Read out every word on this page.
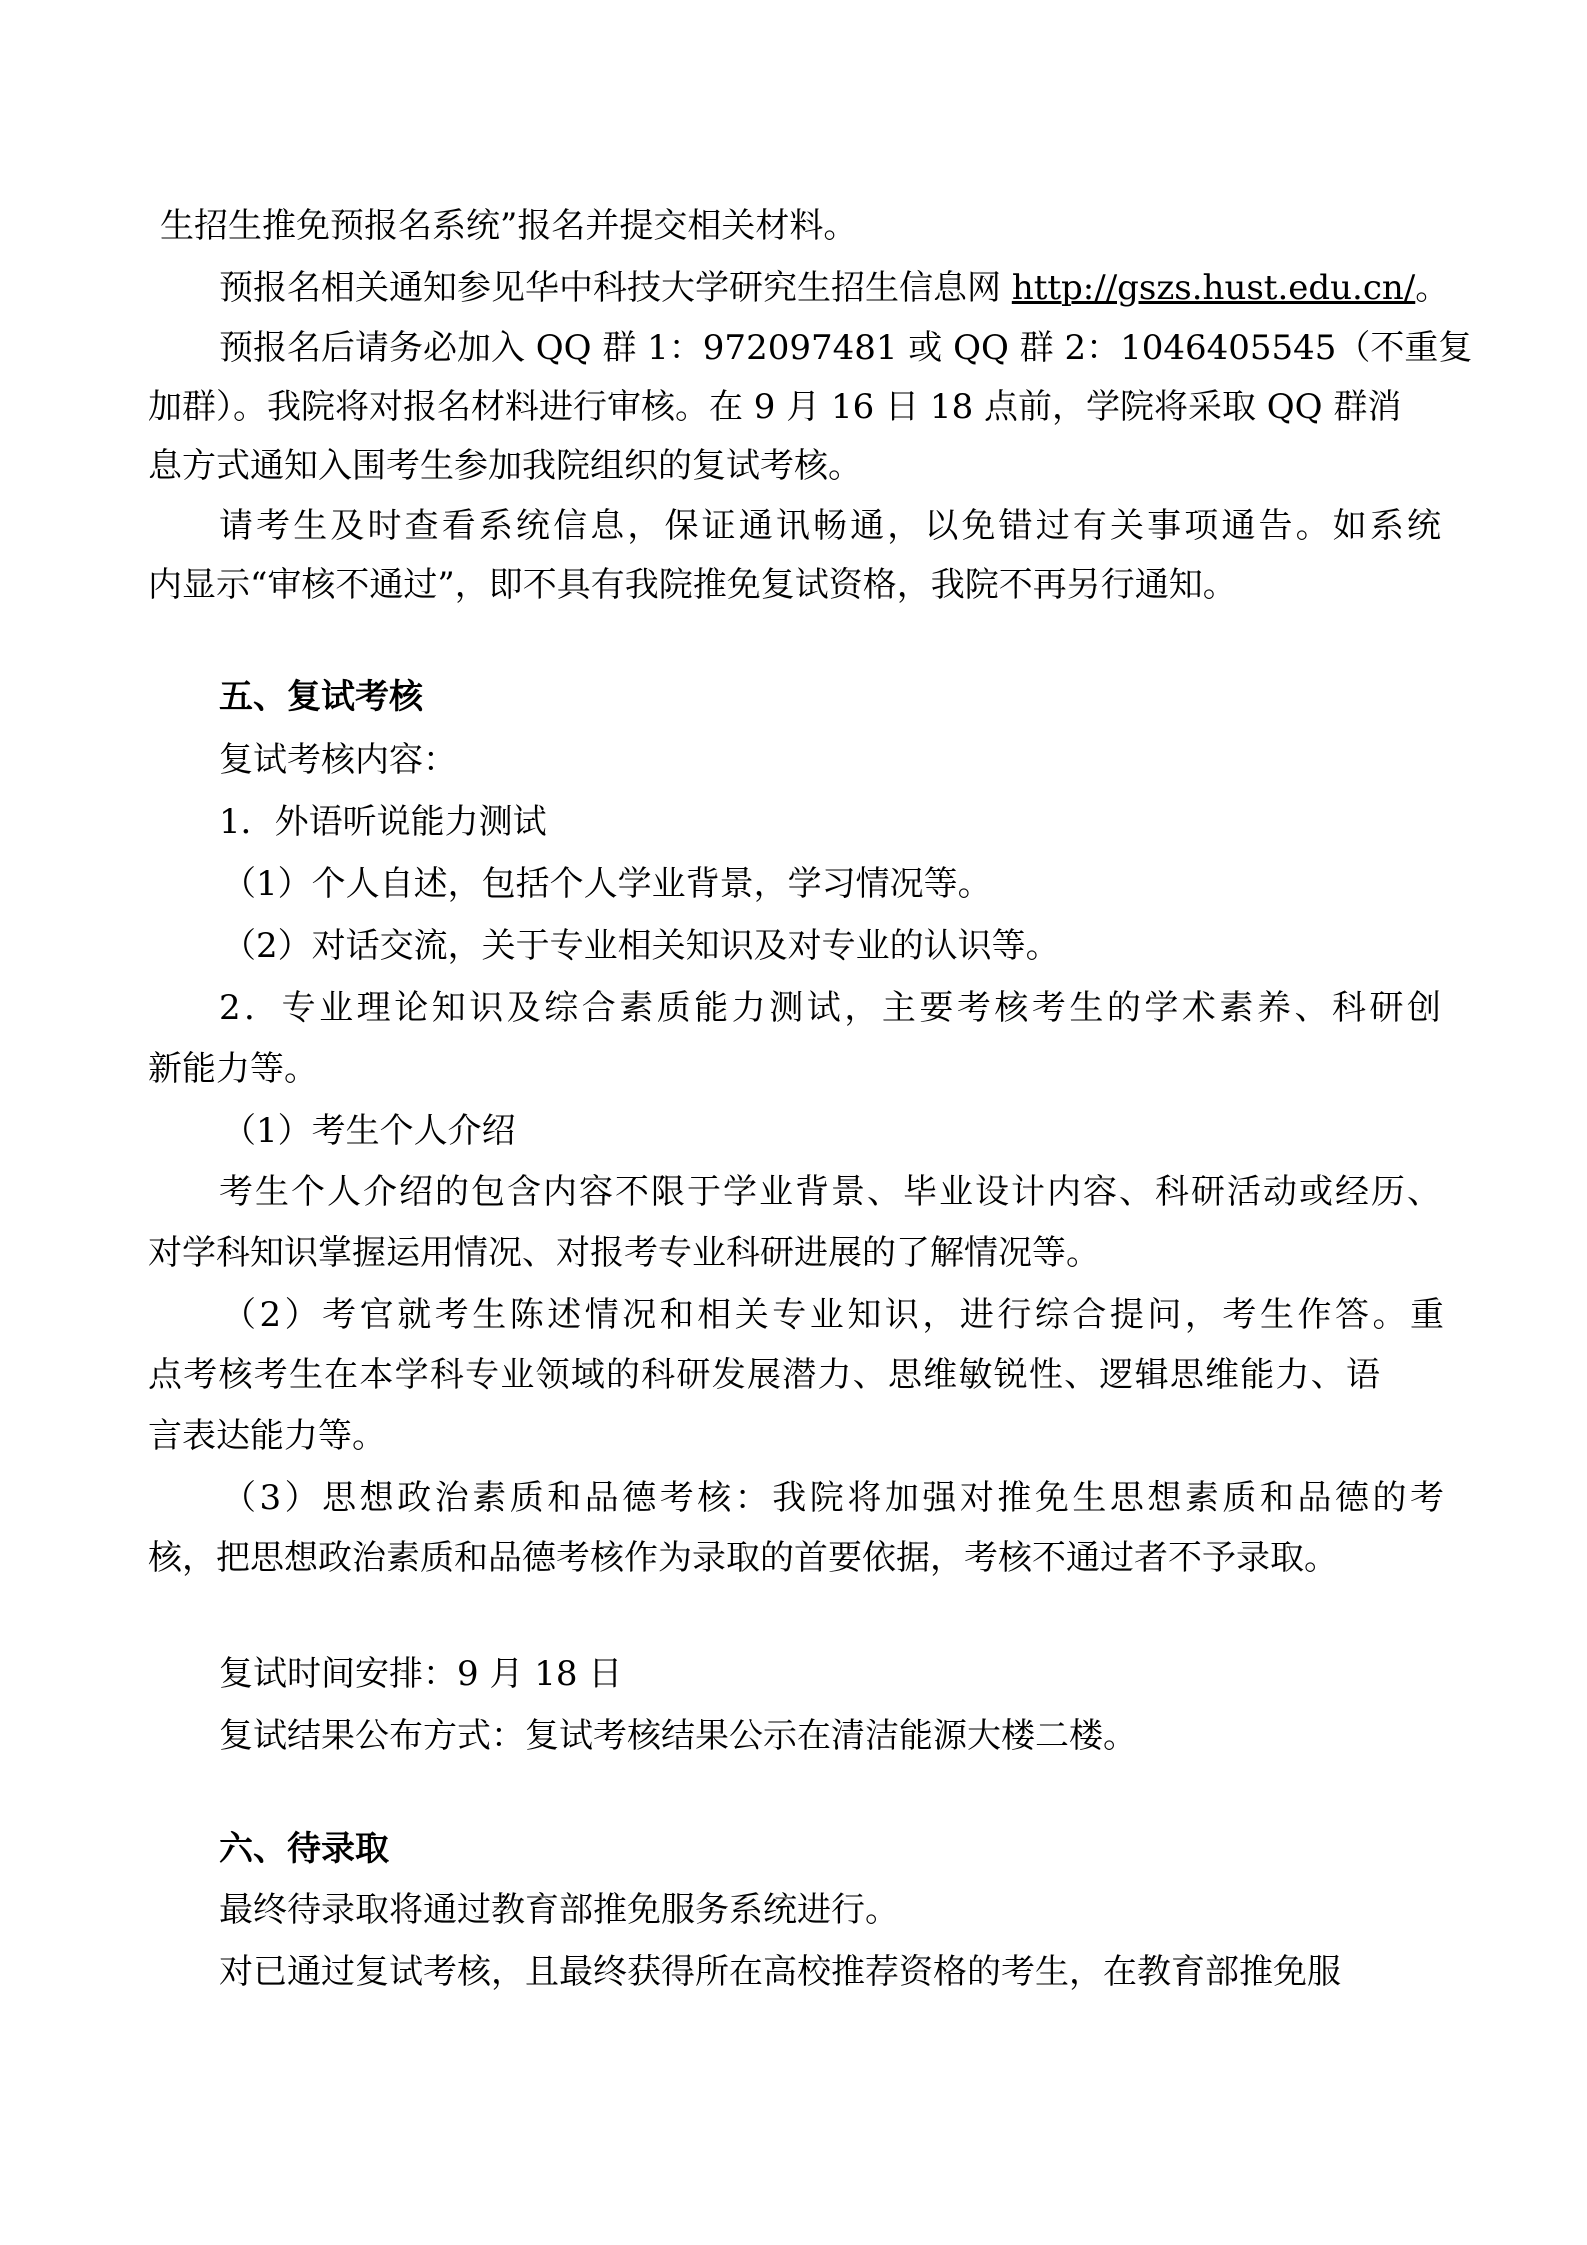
生招生推免预报名系统”报名并提交相关材料。
预报名相关通知参见华中科技大学研究生招生信息网 http://gszs.hust.edu.cn/。
预报名后请务必加入 QQ 群 1：972097481 或 QQ 群 2：1046405545（不重复
加群）。我院将对报名材料进行审核。在 9 月 16 日 18 点前，学院将采取 QQ 群消
息方式通知入围考生参加我院组织的复试考核。
请考生及时查看系统信息，保证通讯畅通，以免错过有关事项通告。如系统
内显示“审核不通过”，即不具有我院推免复试资格，我院不再另行通知。
五、复试考核
复试考核内容：
1．外语听说能力测试
（1）个人自述，包括个人学业背景，学习情况等。
（2）对话交流，关于专业相关知识及对专业的认识等。
2．专业理论知识及综合素质能力测试，主要考核考生的学术素养、科研创
新能力等。
（1）考生个人介绍
考生个人介绍的包含内容不限于学业背景、毕业设计内容、科研活动或经历、
对学科知识掌握运用情况、对报考专业科研进展的了解情况等。
（2）考官就考生陈述情况和相关专业知识，进行综合提问，考生作答。重
点考核考生在本学科专业领域的科研发展潜力、思维敏锐性、逻辑思维能力、语
言表达能力等。
（3）思想政治素质和品德考核：我院将加强对推免生思想素质和品德的考
核，把思想政治素质和品德考核作为录取的首要依据，考核不通过者不予录取。
复试时间安排：9 月 18 日
复试结果公布方式：复试考核结果公示在清洁能源大楼二楼。
六、待录取
最终待录取将通过教育部推免服务系统进行。
对已通过复试考核，且最终获得所在高校推荐资格的考生，在教育部推免服
